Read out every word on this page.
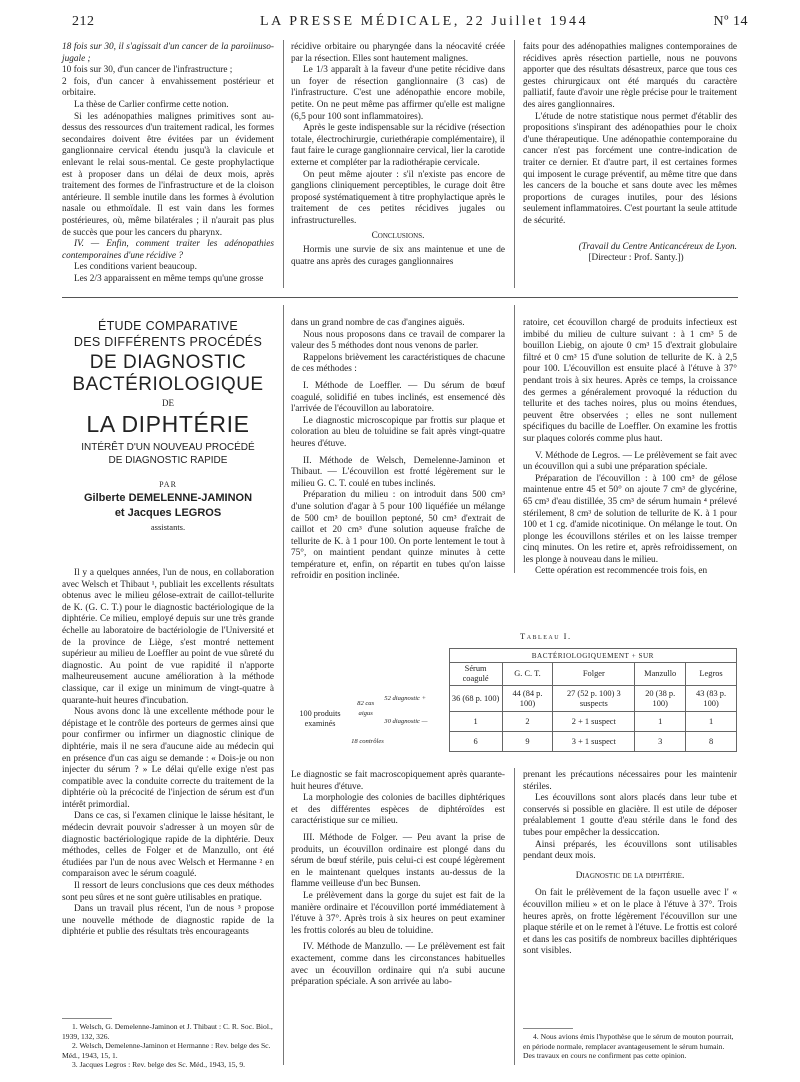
212	LA PRESSE MÉDICALE, 22 Juillet 1944	Nº 14

18 fois sur 30, il s'agissait d'un cancer de la paroiinuso-jugale ;

10 fois sur 30, d'un cancer de l'infrastructure ;

2 fois, d'un cancer à envahissement postérieur et orbitaire.

La thèse de Carlier confirme cette notion.

Si les adénopathies malignes primitives sont au-dessus des ressources d'un traitement radical, les formes secondaires doivent être évitées par un évidement ganglionnaire cervical étendu jusqu'à la clavicule et enlevant le relai sous-mental. Ce geste prophylactique est à proposer dans un délai de deux mois, après traitement des formes de l'infrastructure et de la cloison antérieure. Il semble inutile dans les formes à évolution nasale ou ethmoïdale. Il est vain dans les formes postérieures, où, même bilatérales ; il n'aurait pas plus de succès que pour les cancers du pharynx.

IV. — Enfin, comment traiter les adénopathies contemporaines d'une récidive ?

Les conditions varient beaucoup.

Les 2/3 apparaissent en même temps qu'une grosse

récidive orbitaire ou pharyngée dans la néocavité créée par la résection. Elles sont hautement malignes.

Le 1/3 apparaît à la faveur d'une petite récidive dans un foyer de résection ganglionnaire (3 cas) de l'infrastructure. C'est une adénopathie encore mobile, petite. On ne peut même pas affirmer qu'elle est maligne (6,5 pour 100 sont inflammatoires).

Après le geste indispensable sur la récidive (résection totale, électrochirurgie, curiethérapie complémentaire), il faut faire le curage ganglionnaire cervical, lier la carotide externe et compléter par la radiothérapie cervicale.

On peut même ajouter : s'il n'existe pas encore de ganglions cliniquement perceptibles, le curage doit être proposé systématiquement à titre prophylactique après le traitement de ces petites récidives jugales ou infrastructurelles.

Conclusions.

Hormis une survie de six ans maintenue et une de quatre ans après des curages ganglionnaires

faits pour des adénopathies malignes contemporaines de récidives après résection partielle, nous ne pouvons apporter que des résultats désastreux, parce que tous ces gestes chirurgicaux ont été marqués du caractère palliatif, faute d'avoir une règle précise pour le traitement des aires ganglionnaires.

L'étude de notre statistique nous permet d'établir des propositions s'inspirant des adénopathies pour le choix d'une thérapeutique. Une adénopathie contemporaine du cancer n'est pas forcément une contre-indication de traiter ce dernier. Et d'autre part, il est certaines formes qui imposent le curage préventif, au même titre que dans les cancers de la bouche et sans doute avec les mêmes proportions de curages inutiles, pour des lésions seulement inflammatoires. C'est pourtant la seule attitude de sécurité.

(Travail du Centre Anticancéreux de Lyon.

[Directeur : Prof. Santy.])

ÉTUDE COMPARATIVE
DES DIFFÉRENTS PROCÉDÉS
DE DIAGNOSTIC
BACTÉRIOLOGIQUE
DE
LA DIPHTÉRIE
INTÉRÊT D'UN NOUVEAU PROCÉDÉ
DE DIAGNOSTIC RAPIDE
PAR
Gilberte DEMELENNE-JAMINON
et Jacques LEGROS
assistants.

Il y a quelques années, l'un de nous, en collaboration avec Welsch et Thibaut ¹, publiait les excellents résultats obtenus avec le milieu gélose-extrait de caillot-tellurite de K. (G. C. T.) pour le diagnostic bactériologique de la diphtérie. Ce milieu, employé depuis sur une très grande échelle au laboratoire de bactériologie de l'Université et de la province de Liège, s'est montré nettement supérieur au milieu de Loeffler au point de vue sûreté du diagnostic. Au point de vue rapidité il n'apporte malheureusement aucune amélioration à la méthode classique, car il exige un minimum de vingt-quatre à quarante-huit heures d'incubation.

Nous avons donc là une excellente méthode pour le dépistage et le contrôle des porteurs de germes ainsi que pour confirmer ou infirmer un diagnostic clinique de diphtérie, mais il ne sera d'aucune aide au médecin qui en présence d'un cas aigu se demande : « Dois-je ou non injecter du sérum ? » Le délai qu'elle exige n'est pas compatible avec la conduite correcte du traitement de la diphtérie où la précocité de l'injection de sérum est d'un intérêt primordial.

Dans ce cas, si l'examen clinique le laisse hésitant, le médecin devrait pouvoir s'adresser à un moyen sûr de diagnostic bactériologique rapide de la diphtérie. Deux méthodes, celles de Folger et de Manzullo, ont été étudiées par l'un de nous avec Welsch et Hermanne ² en comparaison avec le sérum coagulé.

Il ressort de leurs conclusions que ces deux méthodes sont peu sûres et ne sont guère utilisables en pratique.

Dans un travail plus récent, l'un de nous ³ propose une nouvelle méthode de diagnostic rapide de la diphtérie et publie des résultats très encourageants

1. Welsch, G. Demelenne-Jaminon et J. Thibaut : C. R. Soc. Biol., 1939, 132, 326.

2. Welsch, Demelenne-Jaminon et Hermanne : Rev. belge des Sc. Méd., 1943, 15, 1.

3. Jacques Legros : Rev. belge des Sc. Méd., 1943, 15, 9.

dans un grand nombre de cas d'angines aiguës.

Nous nous proposons dans ce travail de comparer la valeur des 5 méthodes dont nous venons de parler.

Rappelons brièvement les caractéristiques de chacune de ces méthodes :

I. Méthode de Loeffler. — Du sérum de bœuf coagulé, solidifié en tubes inclinés, est ensemencé dès l'arrivée de l'écouvillon au laboratoire.

Le diagnostic microscopique par frottis sur plaque et coloration au bleu de toluidine se fait après vingt-quatre heures d'étuve.

II. Méthode de Welsch, Demelenne-Jaminon et Thibaut. — L'écouvillon est frotté légèrement sur le milieu G. C. T. coulé en tubes inclinés.

Préparation du milieu : on introduit dans 500 cm³ d'une solution d'agar à 5 pour 100 liquéfiée un mélange de 500 cm³ de bouillon peptoné, 50 cm³ d'extrait de caillot et 20 cm³ d'une solution aqueuse fraîche de tellurite de K. à 1 pour 100. On porte lentement le tout à 75°, on maintient pendant quinze minutes à cette température et, enfin, on répartit en tubes qu'on laisse refroidir en position inclinée.

ratoire, cet écouvillon chargé de produits infectieux est imbibé du milieu de culture suivant : à 1 cm³ 5 de bouillon Liebig, on ajoute 0 cm³ 15 d'extrait globulaire filtré et 0 cm³ 15 d'une solution de tellurite de K. à 2,5 pour 100. L'écouvillon est ensuite placé à l'étuve à 37° pendant trois à six heures. Après ce temps, la croissance des germes a généralement provoqué la réduction du tellurite et des taches noires, plus ou moins étendues, peuvent être observées ; elles ne sont nullement spécifiques du bacille de Loeffler. On examine les frottis sur plaques colorés comme plus haut.

V. Méthode de Legros. — Le prélèvement se fait avec un écouvillon qui a subi une préparation spéciale.

Préparation de l'écouvillon : à 100 cm³ de gélose maintenue entre 45 et 50° on ajoute 7 cm³ de glycérine, 65 cm³ d'eau distillée, 35 cm³ de sérum humain ⁴ prélevé stérilement, 8 cm³ de solution de tellurite de K. à 1 pour 100 et 1 cg. d'amide nicotinique. On mélange le tout. On plonge les écouvillons stériles et on les laisse tremper cinq minutes. On les retire et, après refroidissement, on les plonge à nouveau dans le milieu.

Cette opération est recommencée trois fois, en

Tableau I.
			BACTÉRIOLOGIQUEMENT + SUR				
			Sérum coagulé	G. C. T.	Folger	Manzullo	Legros
100 produits examinés	82 cas aigus	52 diagnostic +	36 (68 p. 100)	44 (84 p. 100)	27 (52 p. 100) 3 suspects	20 (38 p. 100)	43 (83 p. 100)
		30 diagnostic —	1	2	2 + 1 suspect	1	1
	18 contrôles		6	9	3 + 1 suspect	3	8

Le diagnostic se fait macroscopiquement après quarante-huit heures d'étuve.

La morphologie des colonies de bacilles diphtériques et des différentes espèces de diphtéroïdes est caractéristique sur ce milieu.

III. Méthode de Folger. — Peu avant la prise de produits, un écouvillon ordinaire est plongé dans du sérum de bœuf stérile, puis celui-ci est coupé légèrement en le maintenant quelques instants au-dessus de la flamme veilleuse d'un bec Bunsen.

Le prélèvement dans la gorge du sujet est fait de la manière ordinaire et l'écouvillon porté immédiatement à l'étuve à 37°. Après trois à six heures on peut examiner les frottis colorés au bleu de toluidine.

IV. Méthode de Manzullo. — Le prélèvement est fait exactement, comme dans les circonstances habituelles avec un écouvillon ordinaire qui n'a subi aucune préparation spéciale. A son arrivée au labo-

prenant les précautions nécessaires pour les maintenir stériles.

Les écouvillons sont alors placés dans leur tube et conservés si possible en glacière. Il est utile de déposer préalablement 1 goutte d'eau stérile dans le fond des tubes pour empêcher la dessiccation.

Ainsi préparés, les écouvillons sont utilisables pendant deux mois.

Diagnostic de la diphtérie.

On fait le prélèvement de la façon usuelle avec l' « écouvillon milieu » et on le place à l'étuve à 37°. Trois heures après, on frotte légèrement l'écouvillon sur une plaque stérile et on le remet à l'étuve. Le frottis est coloré et dans les cas positifs de nombreux bacilles diphtériques sont visibles.

4. Nous avions émis l'hypothèse que le sérum de mouton pourrait, en période normale, remplacer avantageusement le sérum humain. Des travaux en cours ne confirment pas cette opinion.
